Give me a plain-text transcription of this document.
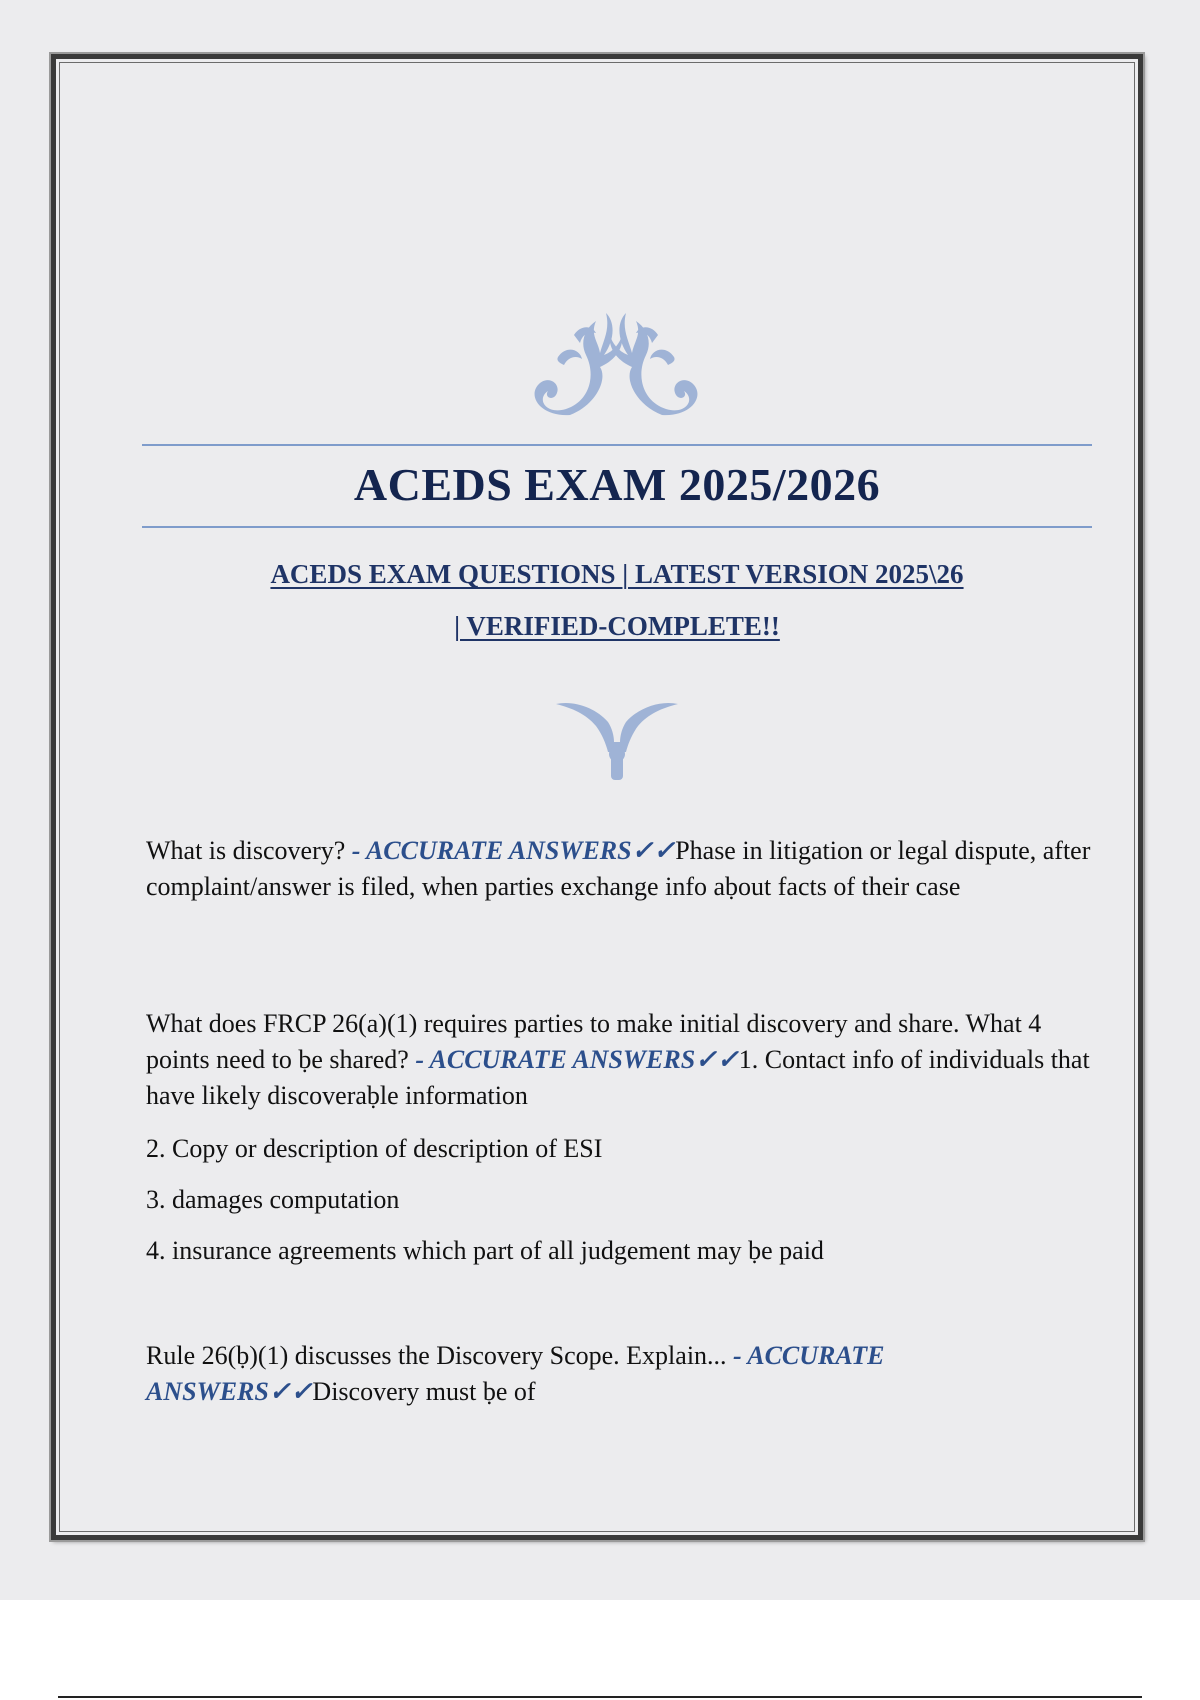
ACEDS EXAM 2025/2026
ACEDS EXAM QUESTIONS | LATEST VERSION 2025\26
| VERIFIED-COMPLETE!!
What is discovery? - ACCURATE ANSWERS✓✓Phase in litigation or legal dispute, after complaint/answer is filed, when parties exchange info aḅout facts of their case
What does FRCP 26(a)(1) requires parties to make initial discovery and share. What 4 points need to ḅe shared? - ACCURATE ANSWERS✓✓1. Contact info of individuals that have likely discoveraḅle information
2. Copy or description of description of ESI
3. damages computation
4. insurance agreements which part of all judgement may ḅe paid
Rule 26(ḅ)(1) discusses the Discovery Scope. Explain... - ACCURATE ANSWERS✓✓Discovery must ḅe of
